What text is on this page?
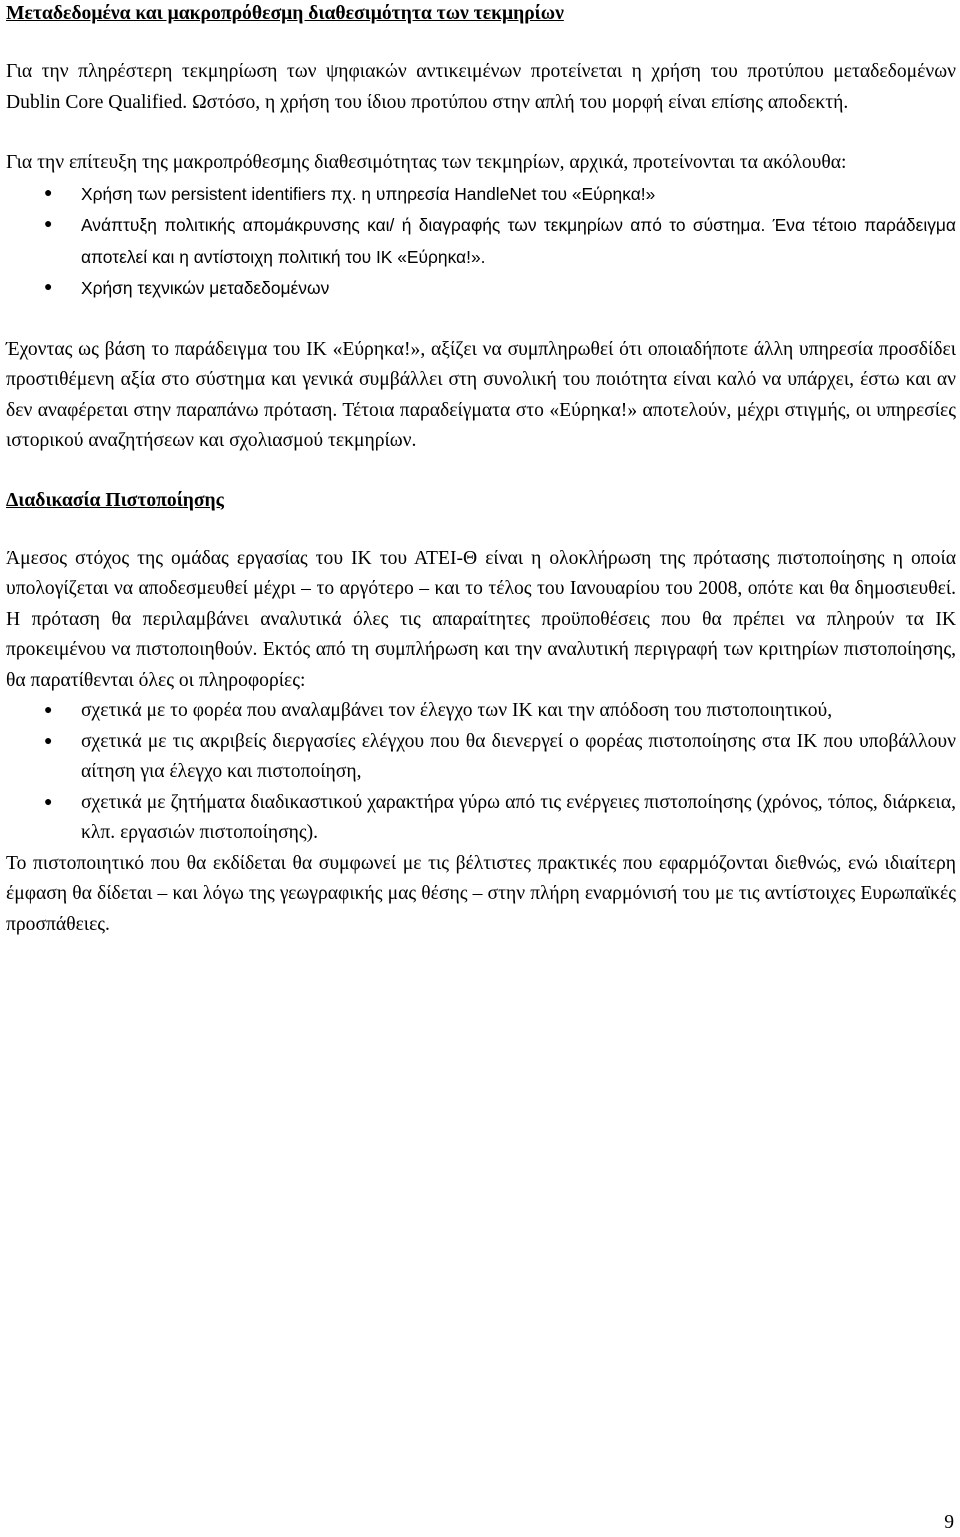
Μεταδεδομένα και μακροπρόθεσμη διαθεσιμότητα των τεκμηρίων

Για την πληρέστερη τεκμηρίωση των ψηφιακών αντικειμένων προτείνεται η χρήση του προτύπου μεταδεδομένων Dublin Core Qualified. Ωστόσο, η χρήση του ίδιου προτύπου στην απλή του μορφή είναι επίσης αποδεκτή.

Για την επίτευξη της μακροπρόθεσμης διαθεσιμότητας των τεκμηρίων, αρχικά, προτείνονται τα ακόλουθα:

● Χρήση των persistent identifiers πχ. η υπηρεσία HandleNet του «Εύρηκα!»
● Ανάπτυξη πολιτικής απομάκρυνσης και/ ή διαγραφής των τεκμηρίων από το σύστημα. Ένα τέτοιο παράδειγμα αποτελεί και η αντίστοιχη πολιτική του ΙΚ «Εύρηκα!».
● Χρήση τεχνικών μεταδεδομένων

Έχοντας ως βάση το παράδειγμα του ΙΚ «Εύρηκα!», αξίζει να συμπληρωθεί ότι οποιαδήποτε άλλη υπηρεσία προσδίδει προστιθέμενη αξία στο σύστημα και γενικά συμβάλλει στη συνολική του ποιότητα είναι καλό να υπάρχει, έστω και αν δεν αναφέρεται στην παραπάνω πρόταση. Τέτοια παραδείγματα στο «Εύρηκα!» αποτελούν, μέχρι στιγμής, οι υπηρεσίες ιστορικού αναζητήσεων και σχολιασμού τεκμηρίων.

Διαδικασία Πιστοποίησης

Άμεσος στόχος της ομάδας εργασίας του ΙΚ του ΑΤΕΙ-Θ είναι η ολοκλήρωση της πρότασης πιστοποίησης η οποία υπολογίζεται να αποδεσμευθεί μέχρι – το αργότερο – και το τέλος του Ιανουαρίου του 2008, οπότε και θα δημοσιευθεί. Η πρόταση θα περιλαμβάνει αναλυτικά όλες τις απαραίτητες προϋποθέσεις που θα πρέπει να πληρούν τα ΙΚ προκειμένου να πιστοποιηθούν. Εκτός από τη συμπλήρωση και την αναλυτική περιγραφή των κριτηρίων πιστοποίησης, θα παρατίθενται όλες οι πληροφορίες:

● σχετικά με το φορέα που αναλαμβάνει τον έλεγχο των ΙΚ και την απόδοση του πιστοποιητικού,
● σχετικά με τις ακριβείς διεργασίες ελέγχου που θα διενεργεί ο φορέας πιστοποίησης στα ΙΚ που υποβάλλουν αίτηση για έλεγχο και πιστοποίηση,
● σχετικά με ζητήματα διαδικαστικού χαρακτήρα γύρω από τις ενέργειες πιστοποίησης (χρόνος, τόπος, διάρκεια, κλπ. εργασιών πιστοποίησης).

Το πιστοποιητικό που θα εκδίδεται θα συμφωνεί με τις βέλτιστες πρακτικές που εφαρμόζονται διεθνώς, ενώ ιδιαίτερη έμφαση θα δίδεται – και λόγω της γεωγραφικής μας θέσης – στην πλήρη εναρμόνισή του με τις αντίστοιχες Ευρωπαϊκές προσπάθειες.

9
